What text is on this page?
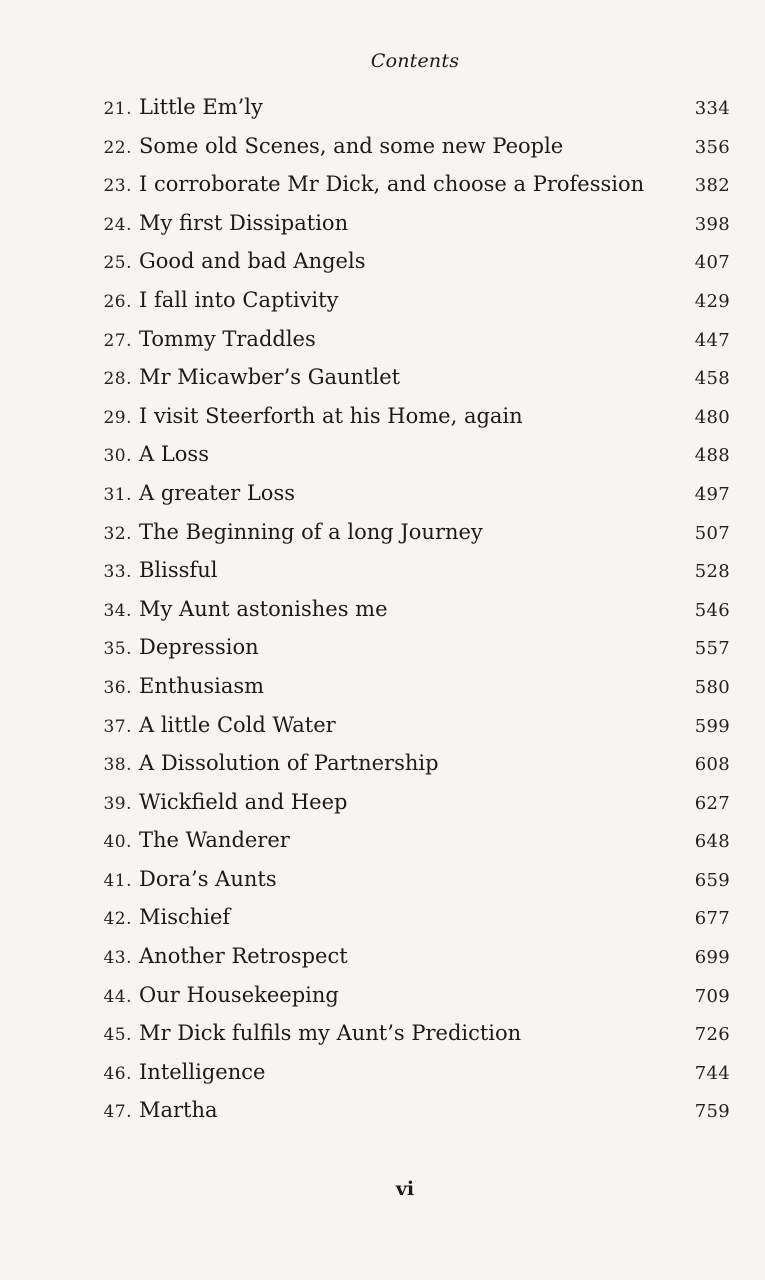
Contents
21. Little Em’ly	334
22. Some old Scenes, and some new People	356
23. I corroborate Mr Dick, and choose a Profession	382
24. My first Dissipation	398
25. Good and bad Angels	407
26. I fall into Captivity	429
27. Tommy Traddles	447
28. Mr Micawber’s Gauntlet	458
29. I visit Steerforth at his Home, again	480
30. A Loss	488
31. A greater Loss	497
32. The Beginning of a long Journey	507
33. Blissful	528
34. My Aunt astonishes me	546
35. Depression	557
36. Enthusiasm	580
37. A little Cold Water	599
38. A Dissolution of Partnership	608
39. Wickfield and Heep	627
40. The Wanderer	648
41. Dora’s Aunts	659
42. Mischief	677
43. Another Retrospect	699
44. Our Housekeeping	709
45. Mr Dick fulfils my Aunt’s Prediction	726
46. Intelligence	744
47. Martha	759
vi
